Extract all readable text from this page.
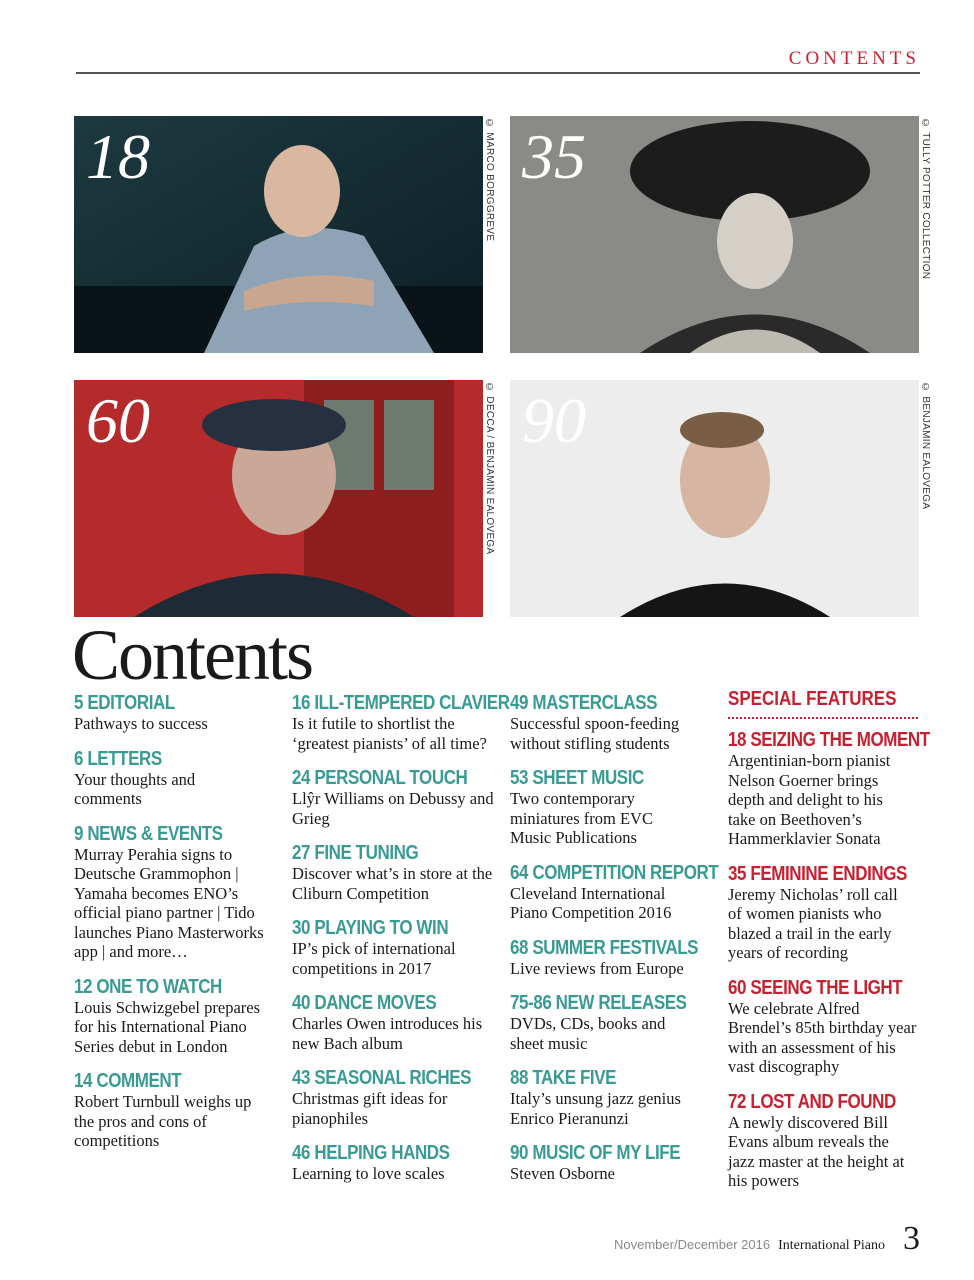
CONTENTS
18	© MARCO BORGGREVE 35	© TULLY POTTER COLLECTION
60	© DECCA / BENJAMIN EALOVEGA 90	© BENJAMIN EALOVEGA
Contents
5 EDITORIAL
Pathways to success
6 LETTERS
Your thoughts and comments
9 NEWS & EVENTS
Murray Perahia signs to Deutsche Grammophon | Yamaha becomes ENO’s official piano partner | Tido launches Piano Masterworks app | and more…
12 ONE TO WATCH
Louis Schwizgebel prepares for his International Piano Series debut in London
14 COMMENT
Robert Turnbull weighs up the pros and cons of competitions
16 ILL-TEMPERED CLAVIER
Is it futile to shortlist the ‘greatest pianists’ of all time?
24 PERSONAL TOUCH
Llŷr Williams on Debussy and Grieg
27 FINE TUNING
Discover what’s in store at the Cliburn Competition
30 PLAYING TO WIN
IP’s pick of international competitions in 2017
40 DANCE MOVES
Charles Owen introduces his new Bach album
43 SEASONAL RICHES
Christmas gift ideas for pianophiles
46 HELPING HANDS
Learning to love scales
49 MASTERCLASS
Successful spoon-feeding without stifling students
53 SHEET MUSIC
Two contemporary miniatures from EVC Music Publications
64 COMPETITION REPORT
Cleveland International Piano Competition 2016
68 SUMMER FESTIVALS
Live reviews from Europe
75-86 NEW RELEASES
DVDs, CDs, books and sheet music
88 TAKE FIVE
Italy’s unsung jazz genius Enrico Pieranunzi
90 MUSIC OF MY LIFE
Steven Osborne
SPECIAL FEATURES
18 SEIZING THE MOMENT
Argentinian-born pianist Nelson Goerner brings depth and delight to his take on Beethoven’s Hammerklavier Sonata
35 FEMININE ENDINGS
Jeremy Nicholas’ roll call of women pianists who blazed a trail in the early years of recording
60 SEEING THE LIGHT
We celebrate Alfred Brendel’s 85th birthday year with an assessment of his vast discography
72 LOST AND FOUND
A newly discovered Bill Evans album reveals the jazz master at the height at his powers
November/December 2016 International Piano 3
